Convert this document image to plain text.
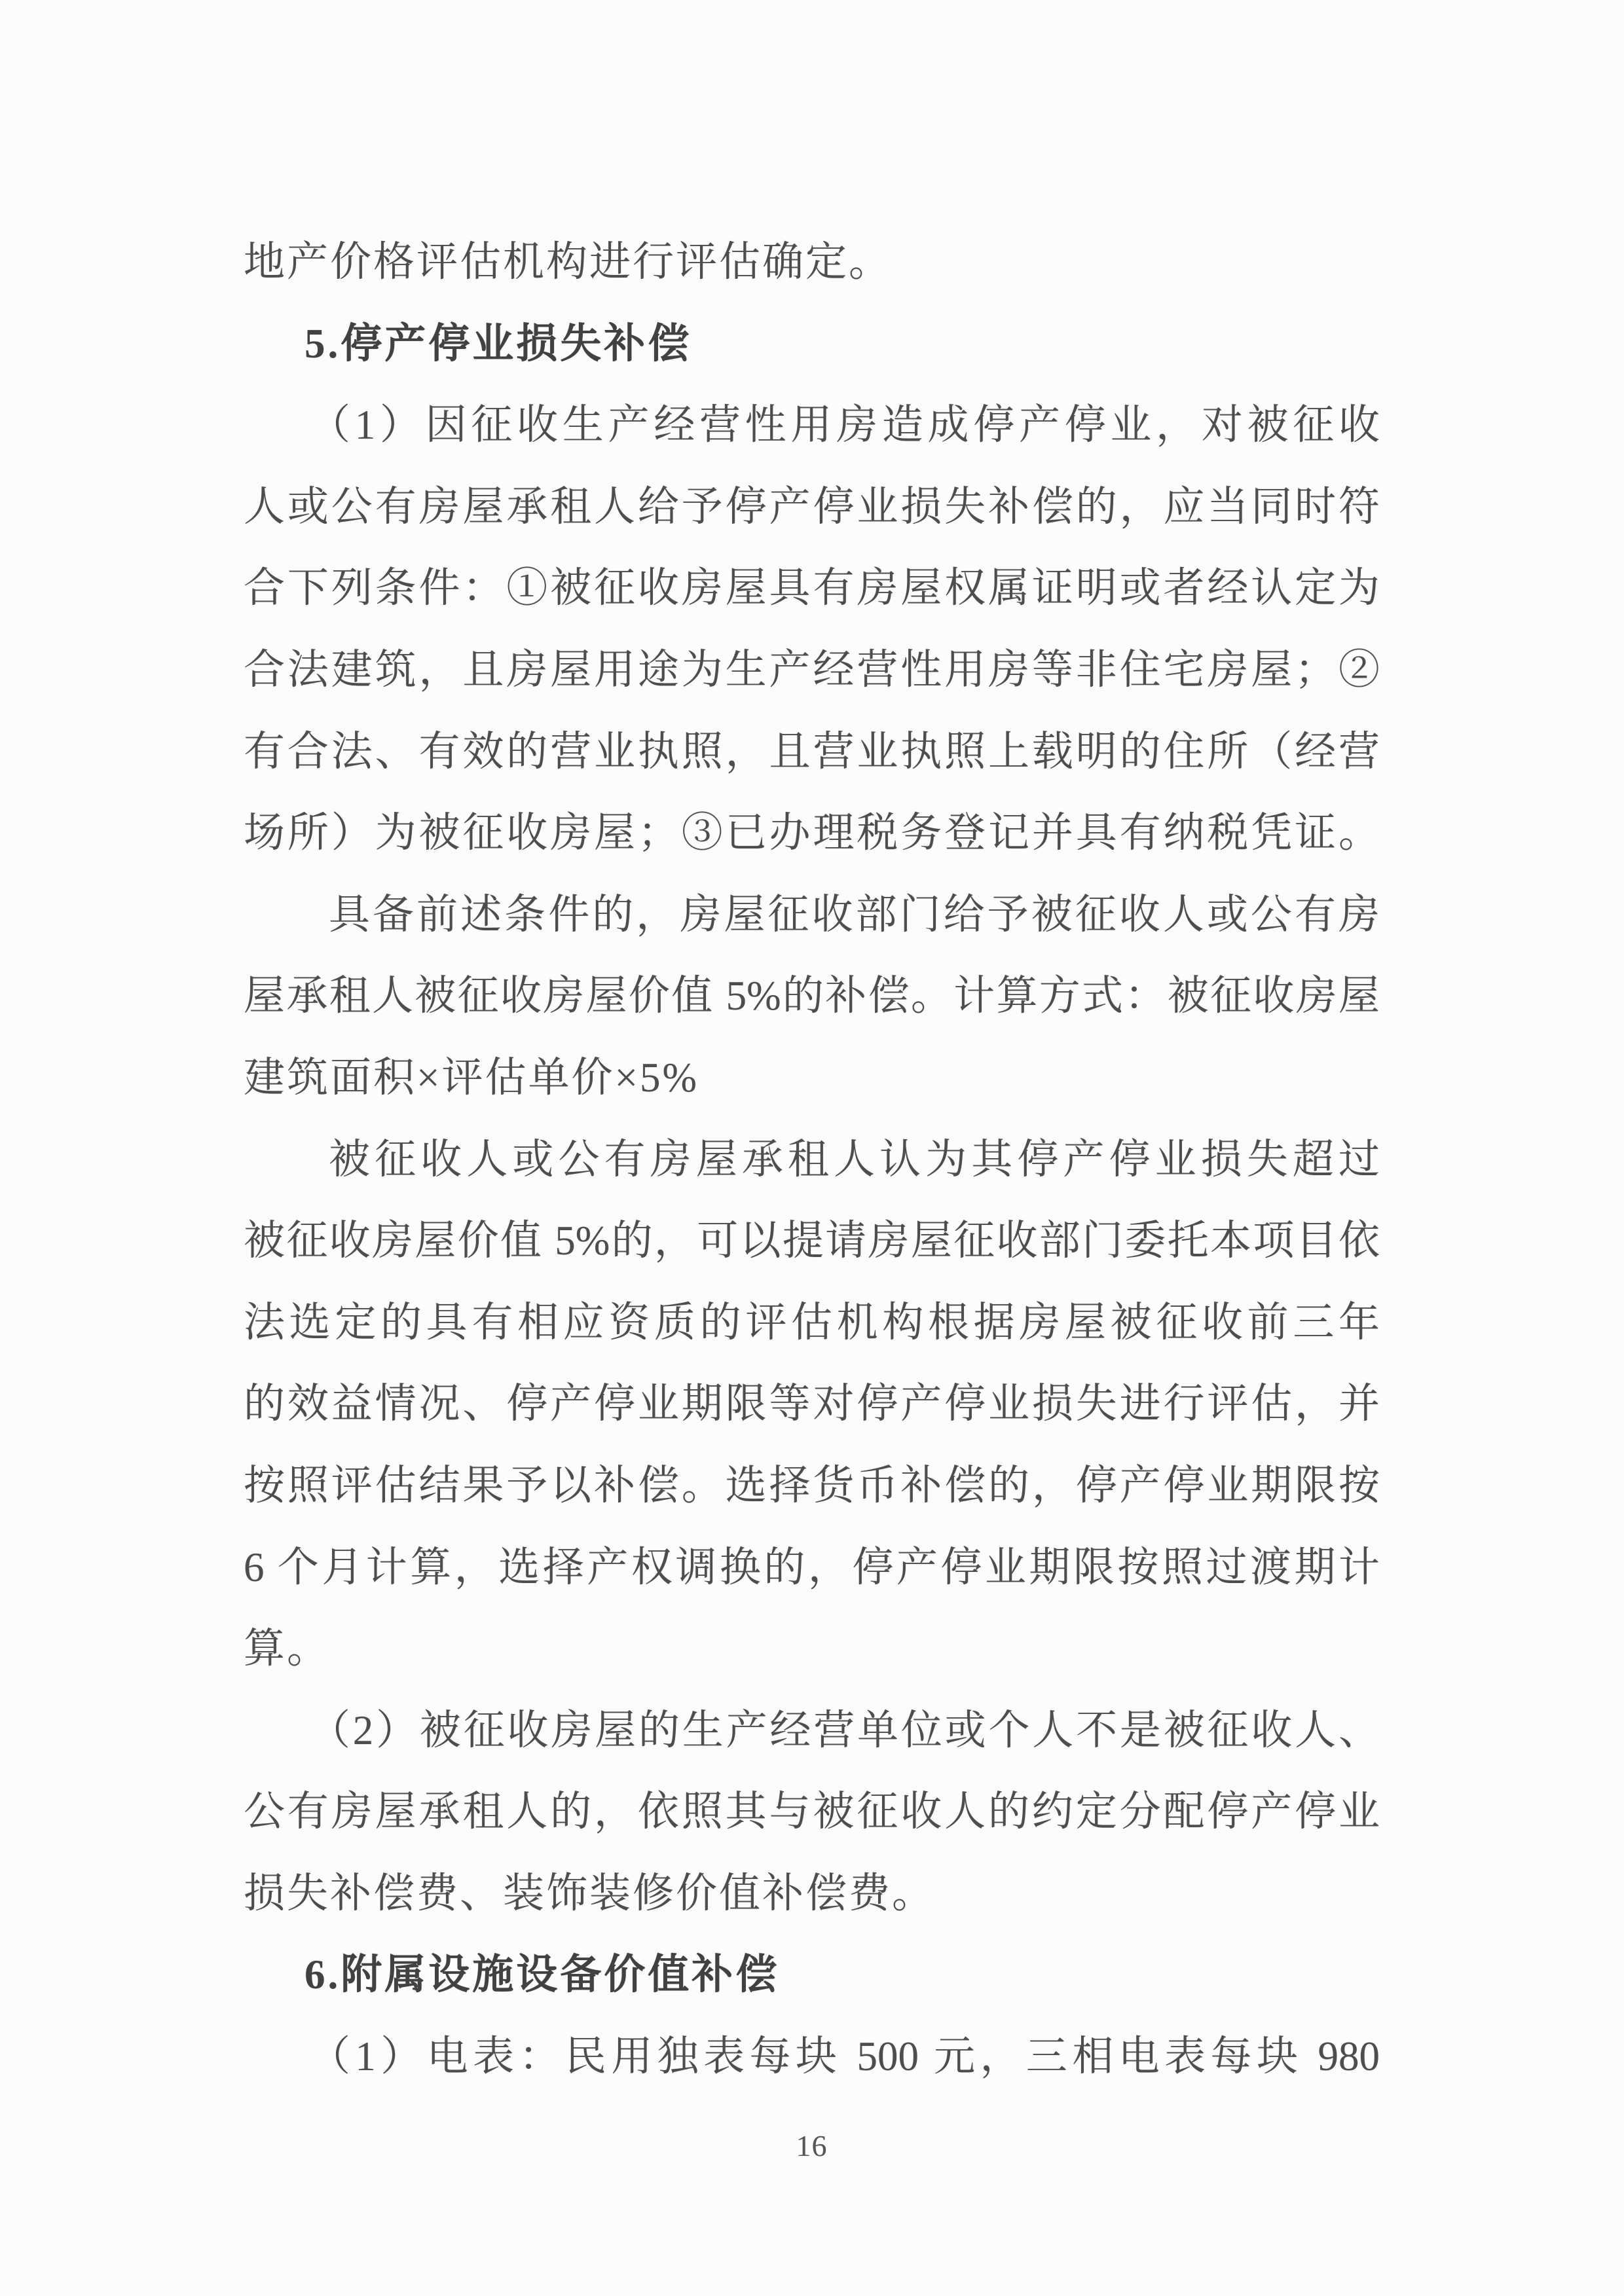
地产价格评估机构进行评估确定。
5.停产停业损失补偿
（1）因征收生产经营性用房造成停产停业，对被征收
人或公有房屋承租人给予停产停业损失补偿的，应当同时符
合下列条件：①被征收房屋具有房屋权属证明或者经认定为
合法建筑，且房屋用途为生产经营性用房等非住宅房屋；②
有合法、有效的营业执照，且营业执照上载明的住所（经营
场所）为被征收房屋；③已办理税务登记并具有纳税凭证。
具备前述条件的，房屋征收部门给予被征收人或公有房
屋承租人被征收房屋价值 5%的补偿。计算方式：被征收房屋
建筑面积×评估单价×5%
被征收人或公有房屋承租人认为其停产停业损失超过
被征收房屋价值 5%的，可以提请房屋征收部门委托本项目依
法选定的具有相应资质的评估机构根据房屋被征收前三年
的效益情况、停产停业期限等对停产停业损失进行评估，并
按照评估结果予以补偿。选择货币补偿的，停产停业期限按
6 个月计算，选择产权调换的，停产停业期限按照过渡期计
算。
（2）被征收房屋的生产经营单位或个人不是被征收人、
公有房屋承租人的，依照其与被征收人的约定分配停产停业
损失补偿费、装饰装修价值补偿费。
6.附属设施设备价值补偿
（1）电表：民用独表每块 500 元，三相电表每块 980
16
